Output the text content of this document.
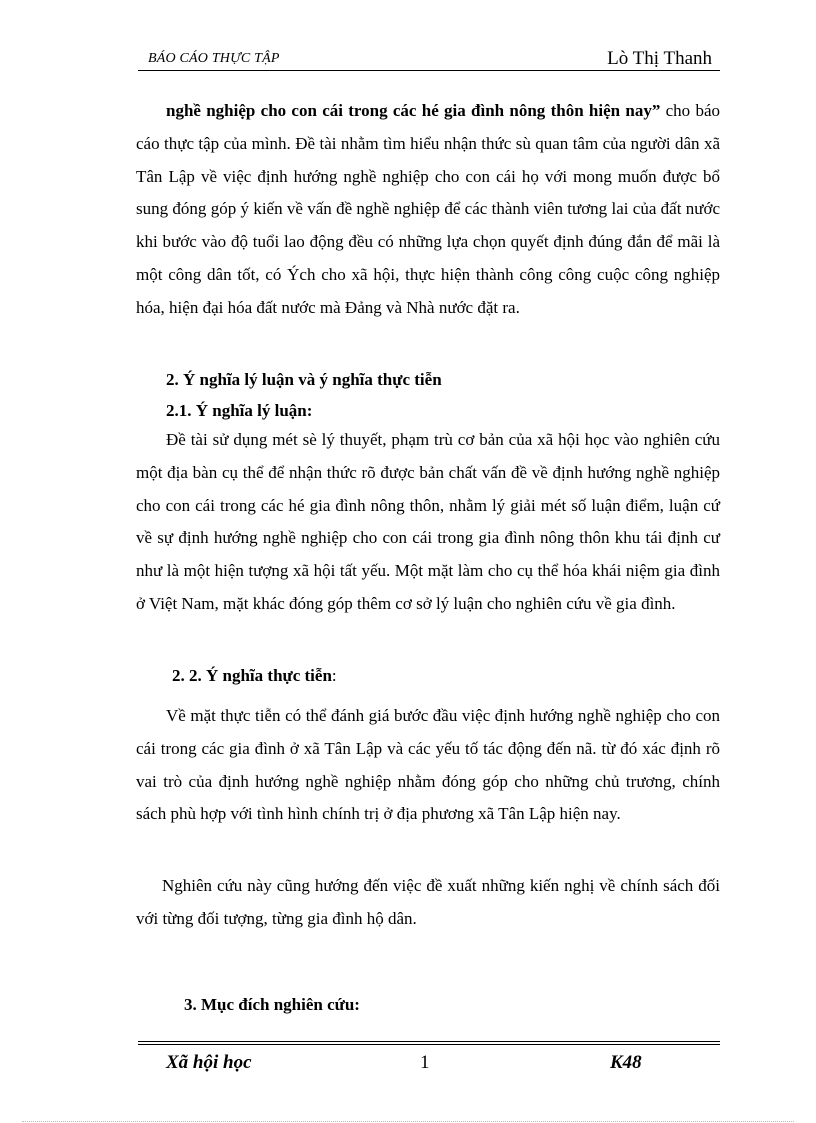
BÁO CÁO THỰC TẬP	Lò Thị Thanh

nghề nghiệp cho con cái trong các hé gia đình nông thôn hiện nay” cho báo cáo thực tập của mình. Đề tài nhằm tìm hiểu nhận thức sù quan tâm của người dân xã Tân Lập về việc định hướng nghề nghiệp cho con cái họ với mong muốn được bổ sung đóng góp ý kiến về vấn đề nghề nghiệp để các thành viên tương lai của đất nước khi bước vào độ tuổi lao động đều có những lựa chọn quyết định đúng đắn để mãi là một công dân tốt, có Ých cho xã hội, thực hiện thành công công cuộc công nghiệp hóa, hiện đại hóa đất nước mà Đảng và Nhà nước đặt ra.

2. Ý nghĩa lý luận và ý nghĩa thực tiễn

2.1. Ý nghĩa lý luận:

Đề tài sử dụng mét sè lý thuyết, phạm trù cơ bản của xã hội học vào nghiên cứu một địa bàn cụ thể để nhận thức rõ được bản chất vấn đề về định hướng nghề nghiệp cho con cái trong các hé gia đình nông thôn, nhằm lý giải mét số luận điểm, luận cứ về sự định hướng nghề nghiệp cho con cái trong gia đình nông thôn khu tái định cư như là một hiện tượng xã hội tất yếu. Một mặt làm cho cụ thể hóa khái niệm gia đình ở Việt Nam, mặt khác đóng góp thêm cơ sở lý luận cho nghiên cứu về gia đình.

2. 2. Ý nghĩa thực tiễn:

Về mặt thực tiễn có thể đánh giá bước đầu việc định hướng nghề nghiệp cho con cái trong các gia đình ở xã Tân Lập và các yếu tố tác động đến nã. từ đó xác định rõ vai trò của định hướng nghề nghiệp nhằm đóng góp cho những chủ trương, chính sách phù hợp với tình hình chính trị ở địa phương xã Tân Lập hiện nay.

Nghiên cứu này cũng hướng đến việc đề xuất những kiến nghị về chính sách đối với từng đối tượng, từng gia đình hộ dân.

3. Mục đích nghiên cứu:

Xã hội học	1	K48
